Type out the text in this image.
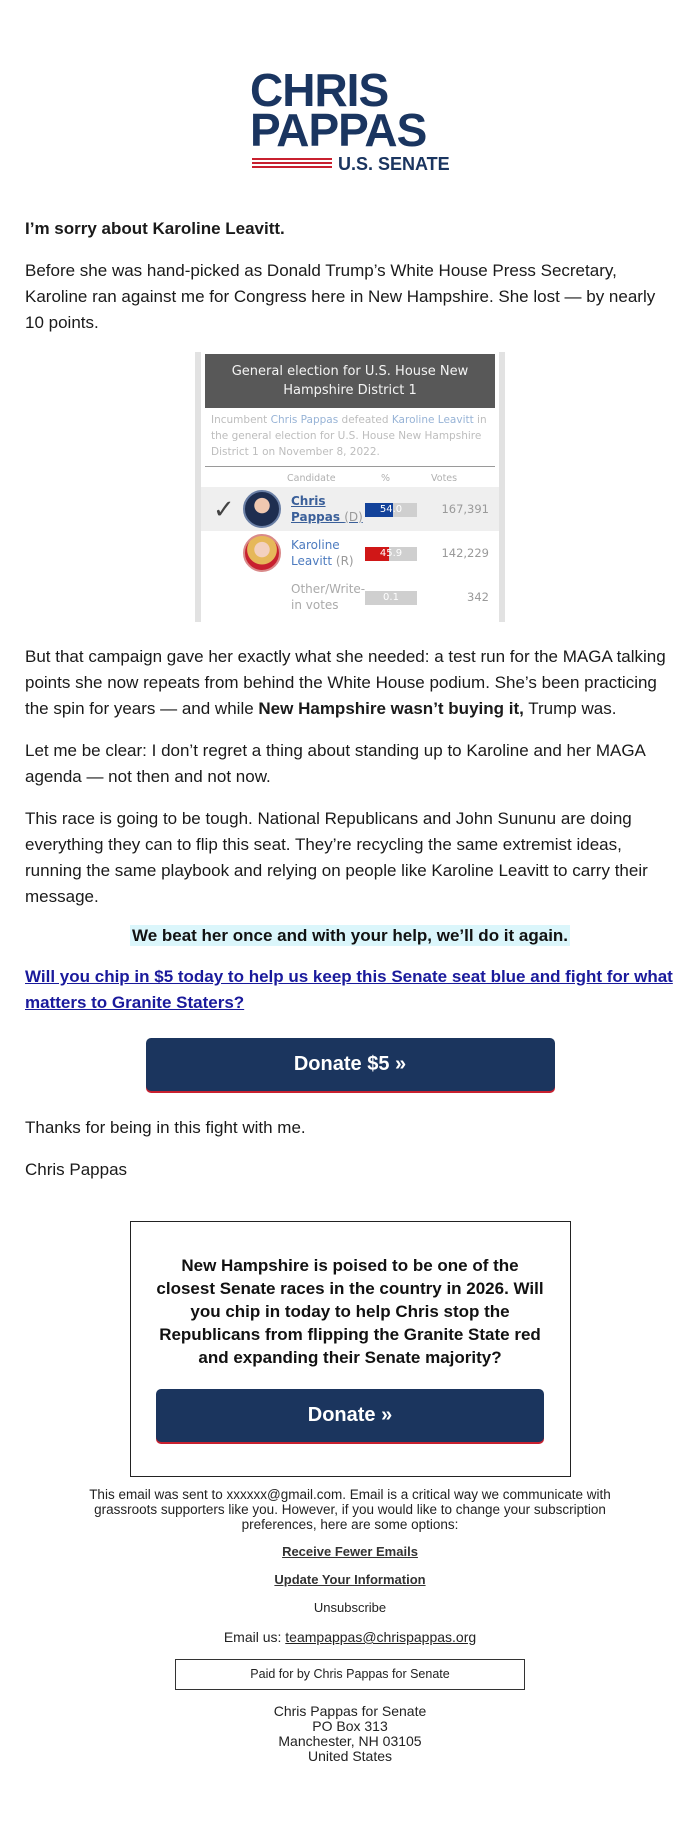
CHRIS
PAPPAS
U.S. SENATE

I’m sorry about Karoline Leavitt.

Before she was hand-picked as Donald Trump’s White House Press Secretary, Karoline ran against me for Congress here in New Hampshire. She lost — by nearly 10 points.

General election for U.S. House New Hampshire District 1
Incumbent Chris Pappas defeated Karoline Leavitt in the general election for U.S. House New Hampshire District 1 on November 8, 2022.
Candidate	%	Votes
✓	Chris
Pappas (D)
54.0	167,391
Karoline
Leavitt (R)
45.9	142,229
Other/Write-
in votes
0.1	342

But that campaign gave her exactly what she needed: a test run for the MAGA talking points she now repeats from behind the White House podium. She’s been practicing the spin for years — and while New Hampshire wasn’t buying it, Trump was.

Let me be clear: I don’t regret a thing about standing up to Karoline and her MAGA agenda — not then and not now.

This race is going to be tough. National Republicans and John Sununu are doing everything they can to flip this seat. They’re recycling the same extremist ideas, running the same playbook and relying on people like Karoline Leavitt to carry their message.

We beat her once and with your help, we’ll do it again.
Will you chip in $5 today to help us keep this Senate seat blue and fight for what matters to Granite Staters?
Donate $5 »

Thanks for being in this fight with me.

Chris Pappas

New Hampshire is poised to be one of the closest Senate races in the country in 2026. Will you chip in today to help Chris stop the Republicans from flipping the Granite State red and expanding their Senate majority?

Donate »

This email was sent to xxxxxx@gmail.com. Email is a critical way we communicate with grassroots supporters like you. However, if you would like to change your subscription preferences, here are some options:

Receive Fewer Emails
Update Your Information
Unsubscribe

Email us: teampappas@chrispappas.org

Paid for by Chris Pappas for Senate

Chris Pappas for Senate

PO Box 313

Manchester, NH 03105

United States
